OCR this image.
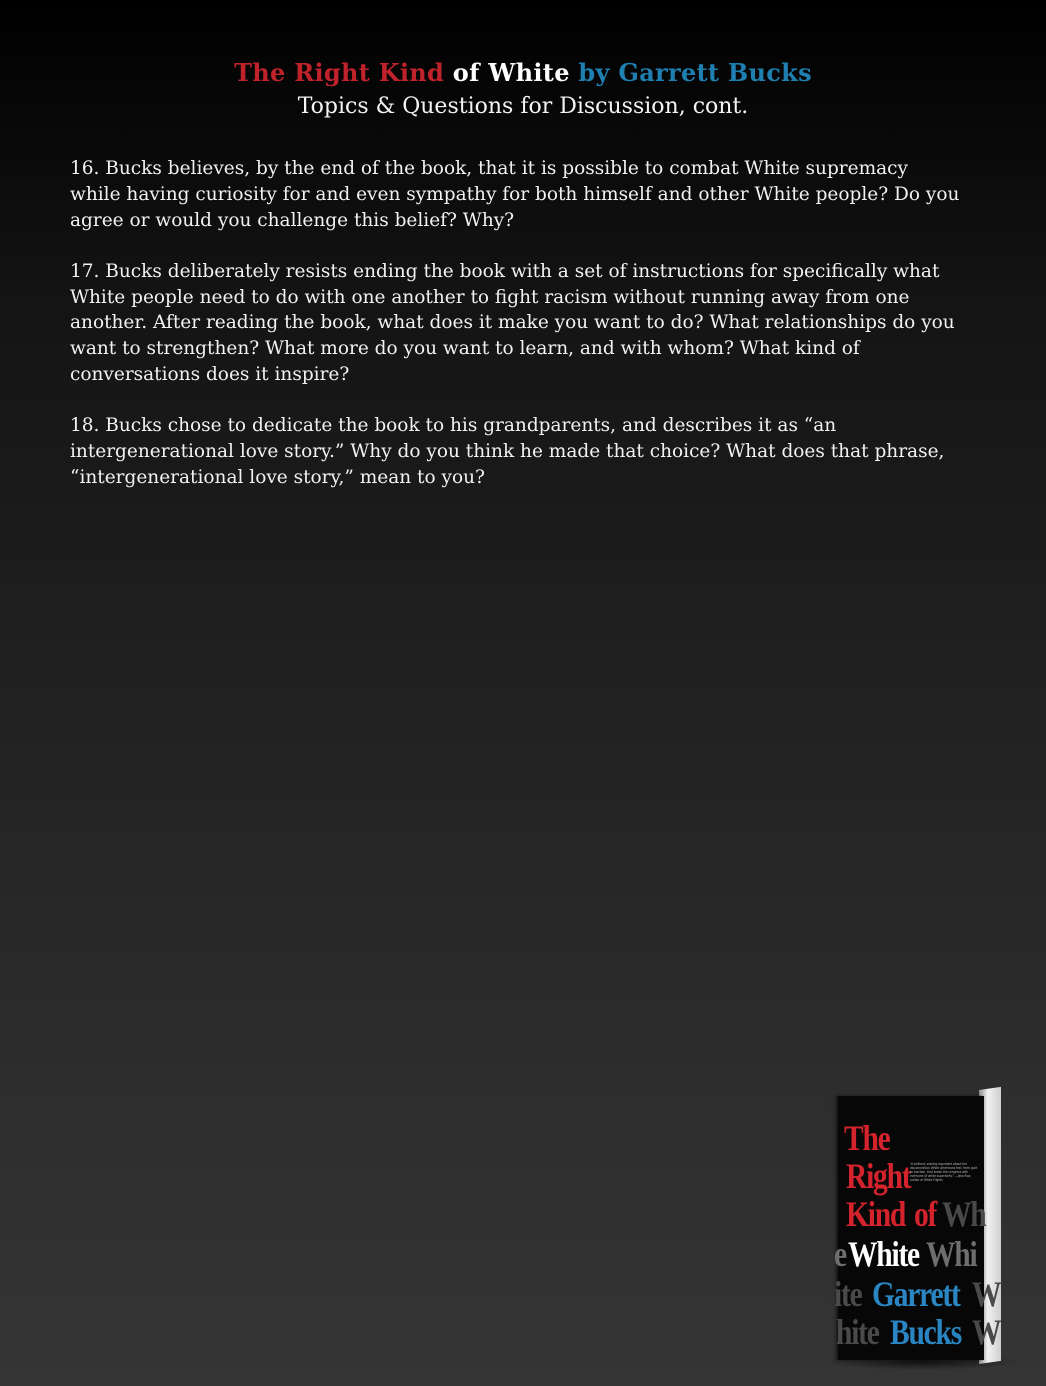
The Right Kind of White by Garrett Bucks
Topics & Questions for Discussion, cont.

16. Bucks believes, by the end of the book, that it is possible to combat White supremacy while having curiosity for and even sympathy for both himself and other White people? Do you agree or would you challenge this belief? Why?

17. Bucks deliberately resists ending the book with a set of instructions for specifically what White people need to do with one another to fight racism without running away from one another. After reading the book, what does it make you want to do? What relationships do you want to strengthen? What more do you want to learn, and with whom? What kind of conversations does it inspire?

18. Bucks chose to dedicate the book to his grandparents, and describes it as “an intergenerational love story.” Why do you think he made that choice? What does that phrase, “intergenerational love story,” mean to you?

The
Right
Kind of Wh
e White Whi
ite Garrett W
hite Bucks W
“A brilliant, searing argument about the disconnection White Americans feel, from guilt to inaction, that break the congress with everyone of white superiority.” —Jess Row, author of White Flights
